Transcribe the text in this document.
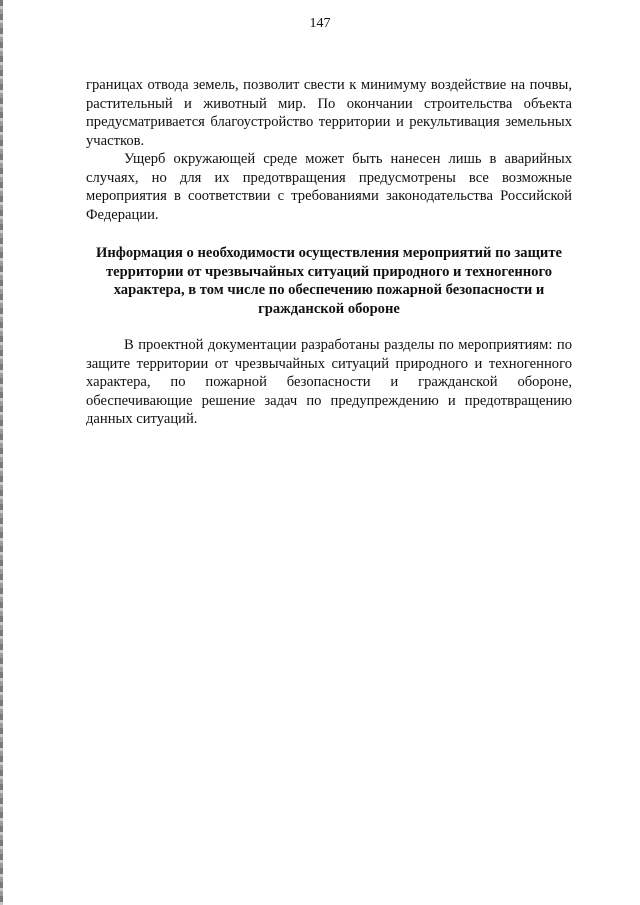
147

границах отвода земель, позволит свести к минимуму воздействие на почвы, растительный и животный мир. По окончании строительства объекта предусматривается благоустройство территории и рекультивация земельных участков.

Ущерб окружающей среде может быть нанесен лишь в аварийных случаях, но для их предотвращения предусмотрены все возможные мероприятия в соответствии с требованиями законодательства Российской Федерации.

Информация о необходимости осуществления мероприятий по защите территории от чрезвычайных ситуаций природного и техногенного характера, в том числе по обеспечению пожарной безопасности и гражданской обороне

В проектной документации разработаны разделы по мероприятиям: по защите территории от чрезвычайных ситуаций природного и техногенного характера, по пожарной безопасности и гражданской обороне, обеспечивающие решение задач по предупреждению и предотвращению данных ситуаций.
